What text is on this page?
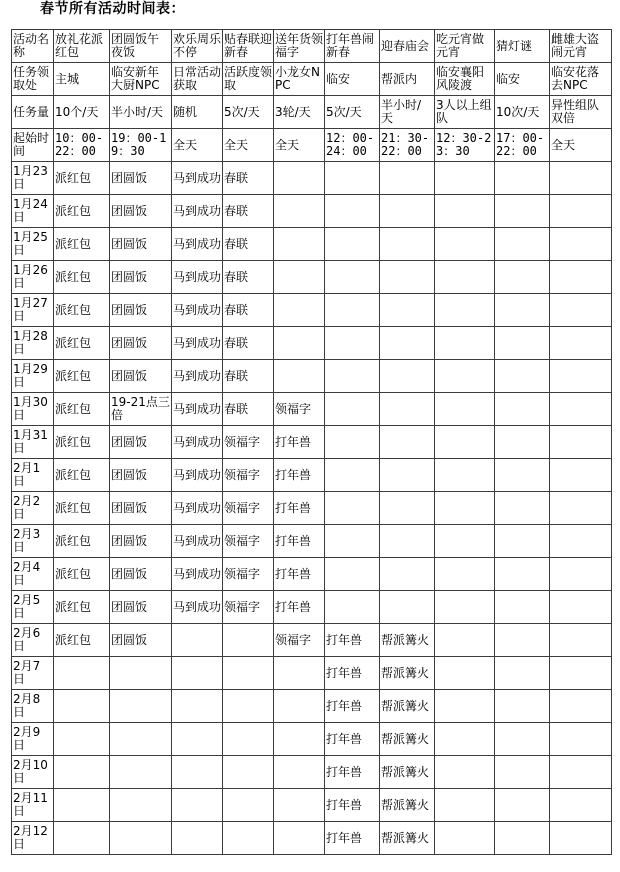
春节所有活动时间表：
活动名称	放礼花派红包	团圆饭午夜饭	欢乐周乐不停	贴春联迎新春	送年货领福字	打年兽闹新春	迎春庙会	吃元宵做元宵	猜灯谜	雌雄大盗闹元宵
任务领取处	主城	临安新年大厨NPC	日常活动获取	活跃度领取	小龙女NPC	临安	帮派内	临安襄阳风陵渡	临安	临安花落去NPC
任务量	10个/天	半小时/天	随机	5次/天	3轮/天	5次/天	半小时/天	3人以上组队	10次/天	异性组队双倍
起始时间	10：00-22：00	19：00-19：30	全天	全天	全天	12：00-24：00	21：30-22：00	12：30-23：30	17：00-22：00	全天
1月23日	派红包	团圆饭	马到成功	春联						
1月24日	派红包	团圆饭	马到成功	春联						
1月25日	派红包	团圆饭	马到成功	春联						
1月26日	派红包	团圆饭	马到成功	春联						
1月27日	派红包	团圆饭	马到成功	春联						
1月28日	派红包	团圆饭	马到成功	春联						
1月29日	派红包	团圆饭	马到成功	春联						
1月30日	派红包	19-21点三倍	马到成功	春联	领福字					
1月31日	派红包	团圆饭	马到成功	领福字	打年兽					
2月1日	派红包	团圆饭	马到成功	领福字	打年兽					
2月2日	派红包	团圆饭	马到成功	领福字	打年兽					
2月3日	派红包	团圆饭	马到成功	领福字	打年兽					
2月4日	派红包	团圆饭	马到成功	领福字	打年兽					
2月5日	派红包	团圆饭	马到成功	领福字	打年兽					
2月6日	派红包	团圆饭			领福字	打年兽	帮派篝火			
2月7日						打年兽	帮派篝火			
2月8日						打年兽	帮派篝火			
2月9日						打年兽	帮派篝火			
2月10日						打年兽	帮派篝火			
2月11日						打年兽	帮派篝火			
2月12日						打年兽	帮派篝火			
